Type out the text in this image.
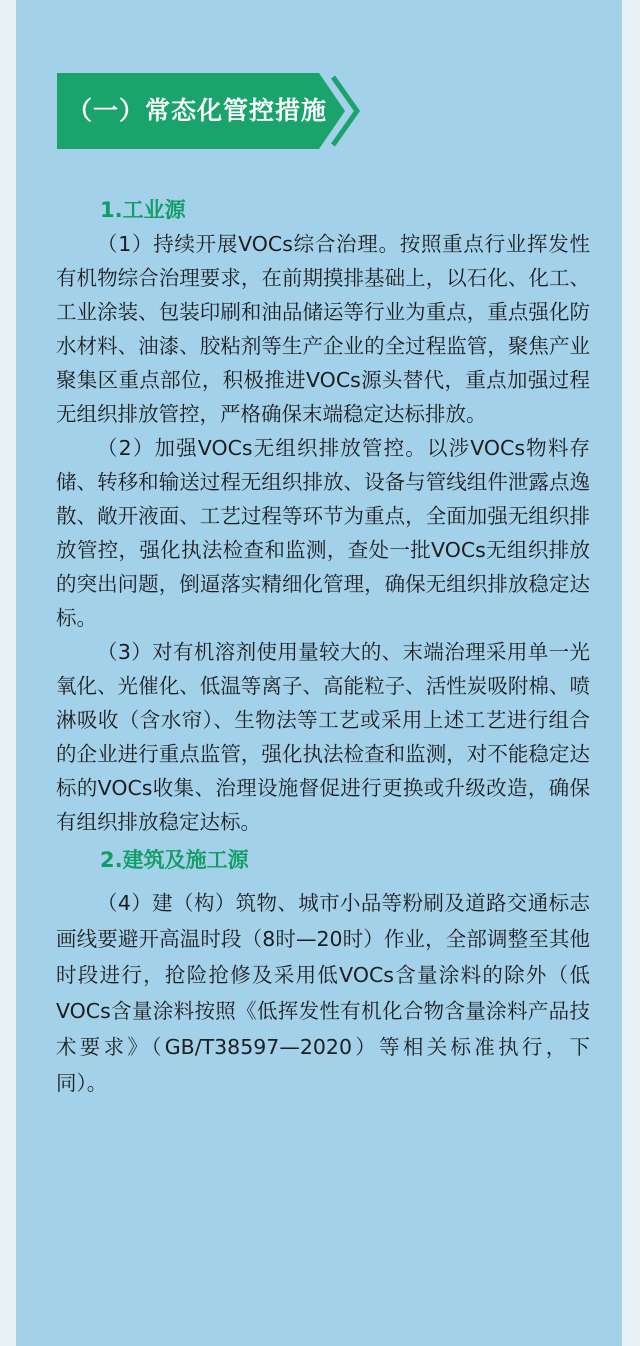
（一）常态化管控措施
1.工业源

（1）持续开展VOCs综合治理。按照重点行业挥发性有机物综合治理要求，在前期摸排基础上，以石化、化工、工业涂装、包装印刷和油品储运等行业为重点，重点强化防水材料、油漆、胶粘剂等生产企业的全过程监管，聚焦产业聚集区重点部位，积极推进VOCs源头替代，重点加强过程无组织排放管控，严格确保末端稳定达标排放。

（2）加强VOCs无组织排放管控。以涉VOCs物料存储、转移和输送过程无组织排放、设备与管线组件泄露点逸散、敞开液面、工艺过程等环节为重点，全面加强无组织排放管控，强化执法检查和监测，查处一批VOCs无组织排放的突出问题，倒逼落实精细化管理，确保无组织排放稳定达标。

（3）对有机溶剂使用量较大的、末端治理采用单一光氧化、光催化、低温等离子、高能粒子、活性炭吸附棉、喷淋吸收（含水帘）、生物法等工艺或采用上述工艺进行组合的企业进行重点监管，强化执法检查和监测，对不能稳定达标的VOCs收集、治理设施督促进行更换或升级改造，确保有组织排放稳定达标。

2.建筑及施工源

（4）建（构）筑物、城市小品等粉刷及道路交通标志画线要避开高温时段（8时—20时）作业，全部调整至其他时段进行，抢险抢修及采用低VOCs含量涂料的除外（低VOCs含量涂料按照《低挥发性有机化合物含量涂料产品技术要求》（GB/T38597—2020）等相关标准执行，下同）。
